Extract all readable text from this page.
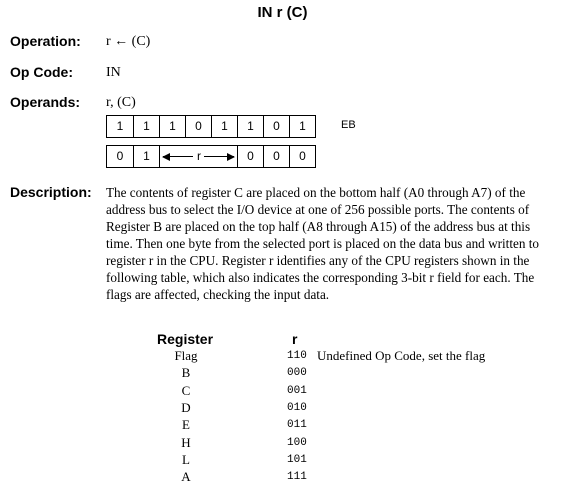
IN r (C)
Operation: r ← (C)
Op Code: IN
Operands: r, (C)
1	1	1	0	1	1	0	1	EB
0	1	r	0	0	0
Description: The contents of register C are placed on the bottom half (A0 through A7) of the address bus to select the I/O device at one of 256 possible ports. The contents of Register B are placed on the top half (A8 through A15) of the address bus at this time. Then one byte from the selected port is placed on the data bus and written to register r in the CPU. Register r identifies any of the CPU registers shown in the following table, which also indicates the corresponding 3-bit r field for each. The flags are affected, checking the input data.

Register	r
Flag	110 Undefined Op Code, set the flag
B	000
C	001
D	010
E	011
H	100
L	101
A	111
